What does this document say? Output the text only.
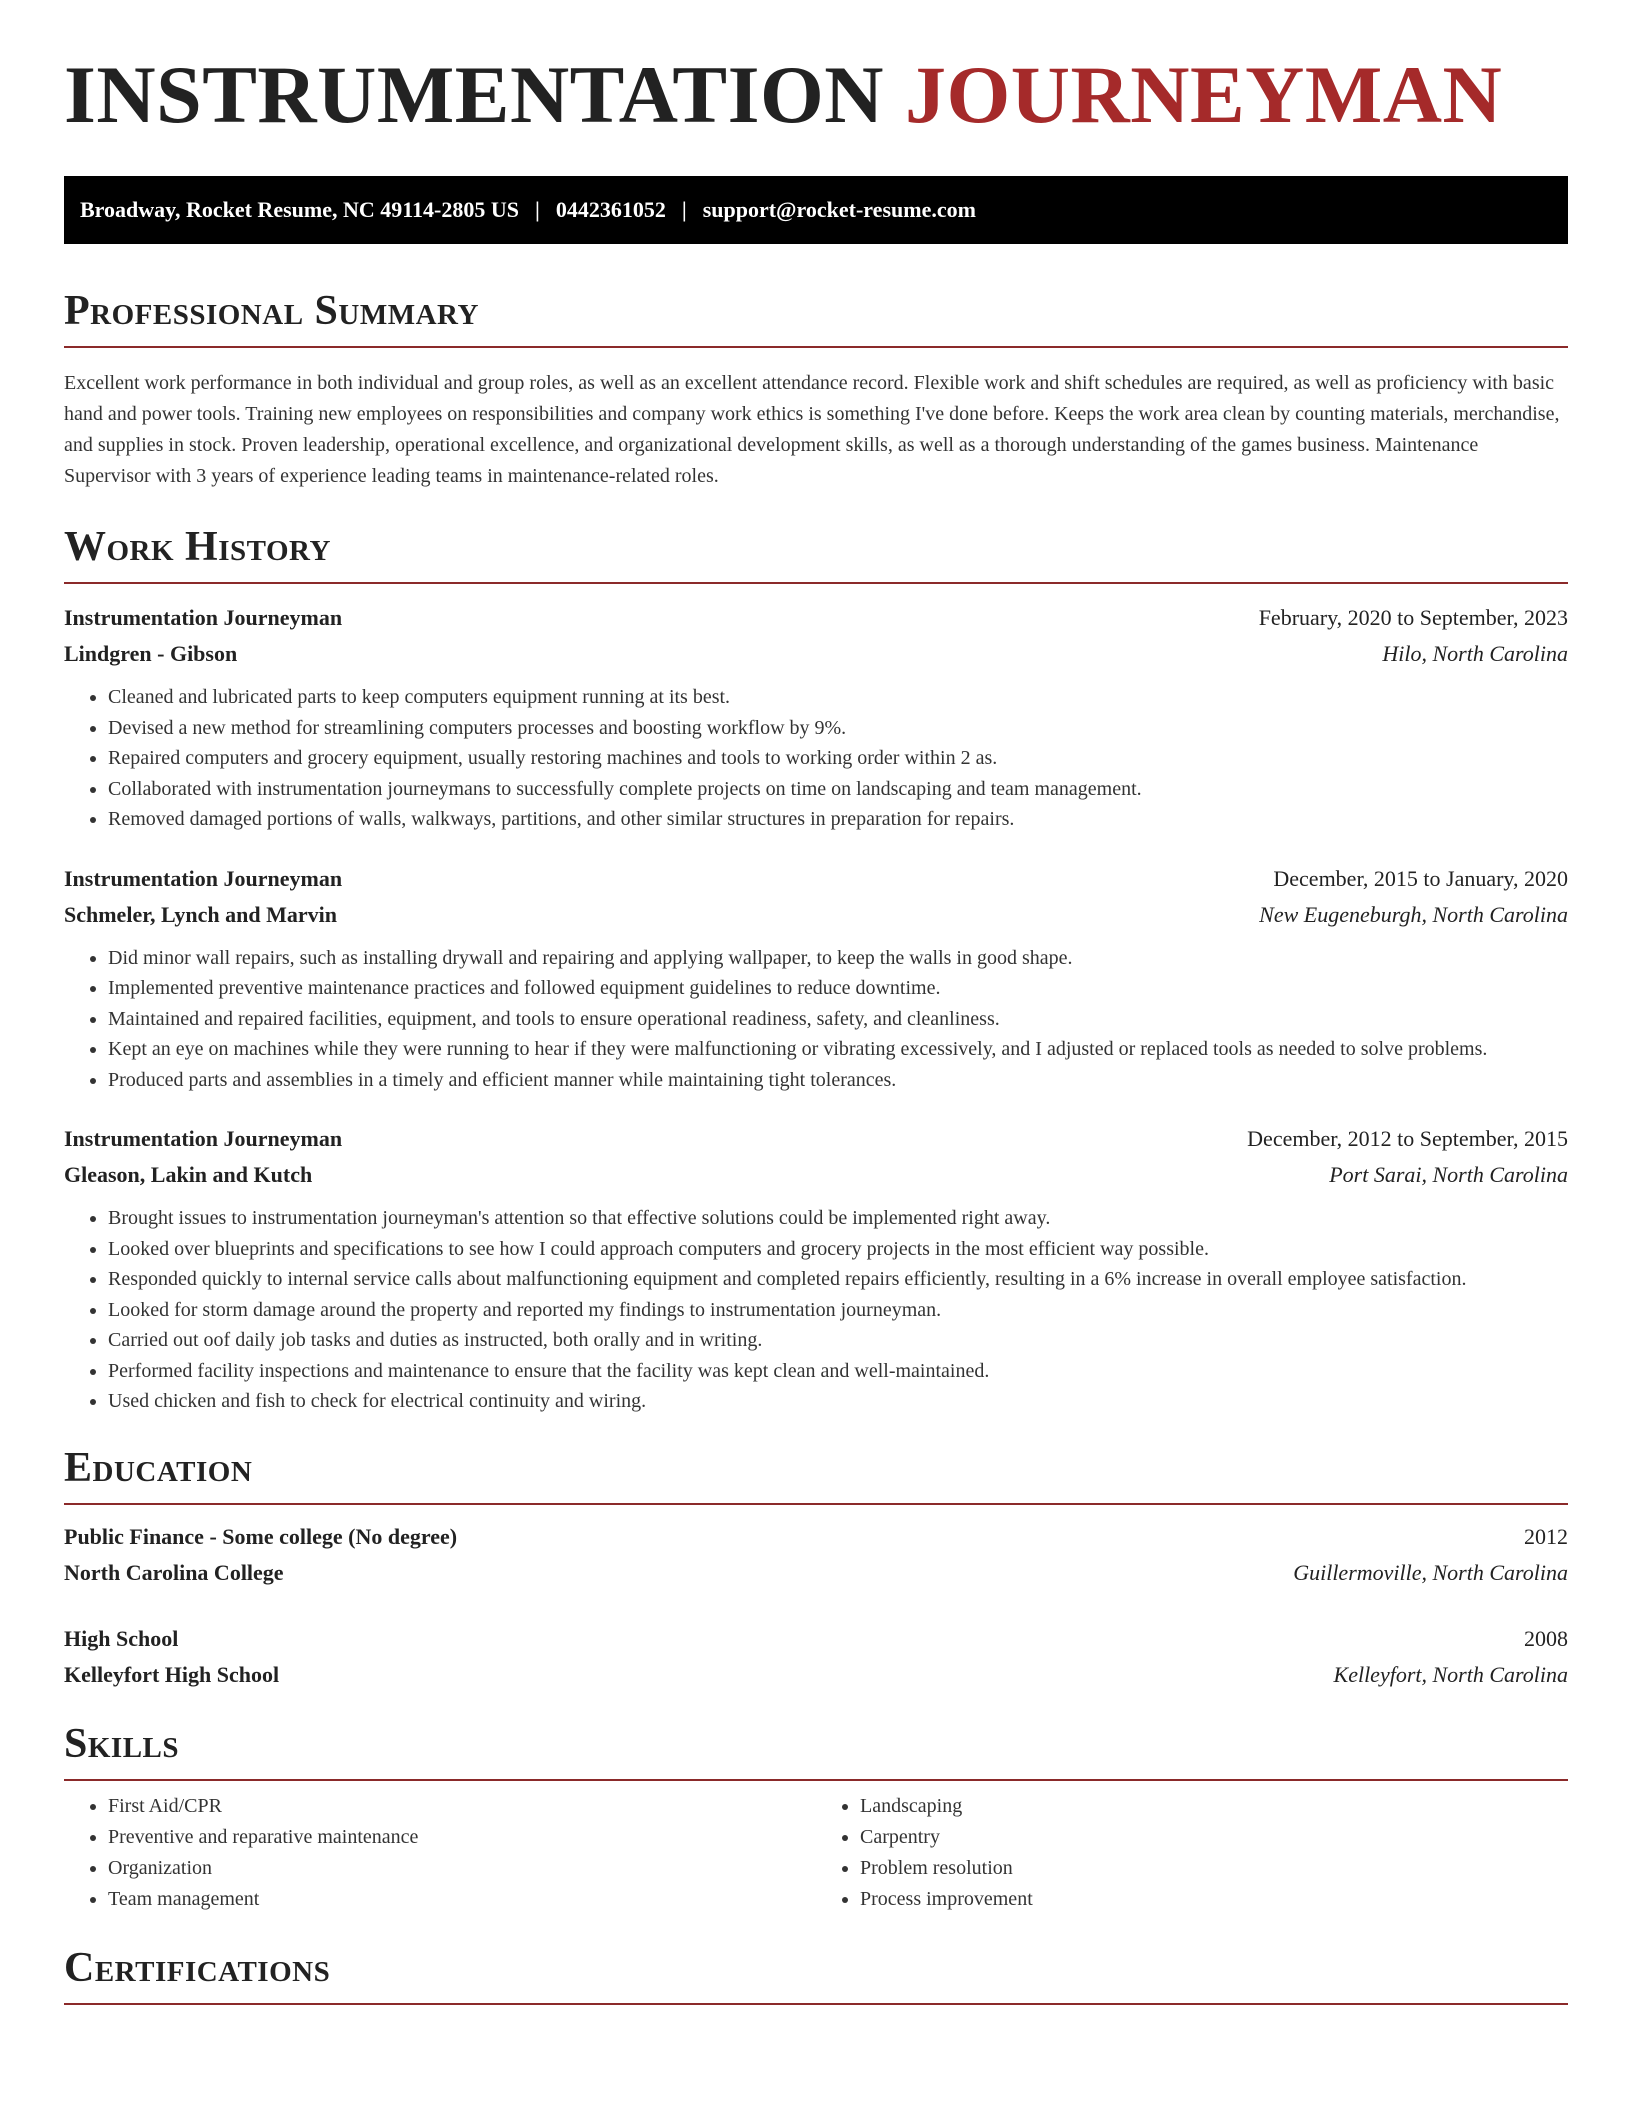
INSTRUMENTATION JOURNEYMAN
Broadway, Rocket Resume, NC 49114-2805 US | 0442361052 | support@rocket-resume.com
Professional Summary

Excellent work performance in both individual and group roles, as well as an excellent attendance record. Flexible work and shift schedules are required, as well as proficiency with basic hand and power tools. Training new employees on responsibilities and company work ethics is something I've done before. Keeps the work area clean by counting materials, merchandise, and supplies in stock. Proven leadership, operational excellence, and organizational development skills, as well as a thorough understanding of the games business. Maintenance Supervisor with 3 years of experience leading teams in maintenance-related roles.

Work History
Instrumentation Journeyman	February, 2020 to September, 2023
Lindgren - Gibson	Hilo, North Carolina
• Cleaned and lubricated parts to keep computers equipment running at its best.
• Devised a new method for streamlining computers processes and boosting workflow by 9%.
• Repaired computers and grocery equipment, usually restoring machines and tools to working order within 2 as.
• Collaborated with instrumentation journeymans to successfully complete projects on time on landscaping and team management.
• Removed damaged portions of walls, walkways, partitions, and other similar structures in preparation for repairs.
Instrumentation Journeyman	December, 2015 to January, 2020
Schmeler, Lynch and Marvin	New Eugeneburgh, North Carolina
• Did minor wall repairs, such as installing drywall and repairing and applying wallpaper, to keep the walls in good shape.
• Implemented preventive maintenance practices and followed equipment guidelines to reduce downtime.
• Maintained and repaired facilities, equipment, and tools to ensure operational readiness, safety, and cleanliness.
• Kept an eye on machines while they were running to hear if they were malfunctioning or vibrating excessively, and I adjusted or replaced tools as needed to solve problems.
• Produced parts and assemblies in a timely and efficient manner while maintaining tight tolerances.
Instrumentation Journeyman	December, 2012 to September, 2015
Gleason, Lakin and Kutch	Port Sarai, North Carolina
• Brought issues to instrumentation journeyman's attention so that effective solutions could be implemented right away.
• Looked over blueprints and specifications to see how I could approach computers and grocery projects in the most efficient way possible.
• Responded quickly to internal service calls about malfunctioning equipment and completed repairs efficiently, resulting in a 6% increase in overall employee satisfaction.
• Looked for storm damage around the property and reported my findings to instrumentation journeyman.
• Carried out oof daily job tasks and duties as instructed, both orally and in writing.
• Performed facility inspections and maintenance to ensure that the facility was kept clean and well-maintained.
• Used chicken and fish to check for electrical continuity and wiring.
Education
Public Finance - Some college (No degree)	2012
North Carolina College	Guillermoville, North Carolina
High School	2008
Kelleyfort High School	Kelleyfort, North Carolina
Skills
• First Aid/CPR
• Preventive and reparative maintenance
• Organization
• Team management
• Landscaping
• Carpentry
• Problem resolution
• Process improvement
Certifications
